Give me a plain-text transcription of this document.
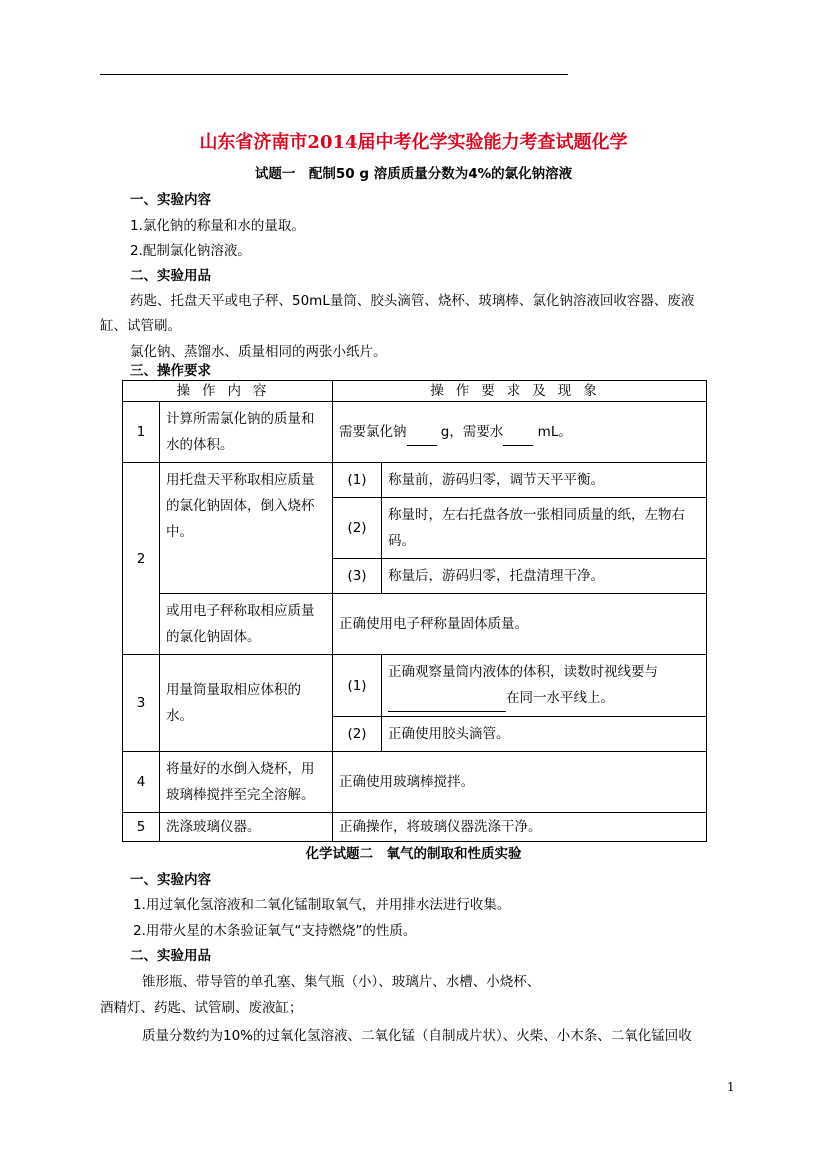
山东省济南市2014届中考化学实验能力考查试题化学
试题一　配制50 g 溶质质量分数为4%的氯化钠溶液
一、实验内容
1.氯化钠的称量和水的量取。
2.配制氯化钠溶液。
二、实验用品
药匙、托盘天平或电子秤、50mL量筒、胶头滴管、烧杯、玻璃棒、氯化钠溶液回收容器、废液
缸、试管刷。
氯化钠、蒸馏水、质量相同的两张小纸片。
三、操作要求
操作内容		操作要求及现象	
1	计算所需氯化钠的质量和水的体积。	需要氯化钠  g，需要水  mL。	
2	用托盘天平称取相应质量的氯化钠固体，倒入烧杯中。	(1)	称量前，游码归零，调节天平平衡。
		(2)	称量时，左右托盘各放一张相同质量的纸，左物右码。
		(3)	称量后，游码归零，托盘清理干净。
	或用电子秤称取相应质量的氯化钠固体。	正确使用电子秤称量固体质量。	
3	用量筒量取相应体积的水。	(1)	正确观察量筒内液体的体积，读数时视线要与
在同一水平线上。
		(2)	正确使用胶头滴管。
4	将量好的水倒入烧杯，用玻璃棒搅拌至完全溶解。	正确使用玻璃棒搅拌。	
5	洗涤玻璃仪器。	正确操作，将玻璃仪器洗涤干净。	
化学试题二　氧气的制取和性质实验
一、实验内容
1.用过氧化氢溶液和二氧化锰制取氧气，并用排水法进行收集。
2.用带火星的木条验证氧气“支持燃烧”的性质。
二、实验用品
锥形瓶、带导管的单孔塞、集气瓶（小）、玻璃片、水槽、小烧杯、
酒精灯、药匙、试管刷、废液缸；
质量分数约为10%的过氧化氢溶液、二氧化锰（自制成片状）、火柴、小木条、二氧化锰回收
1
